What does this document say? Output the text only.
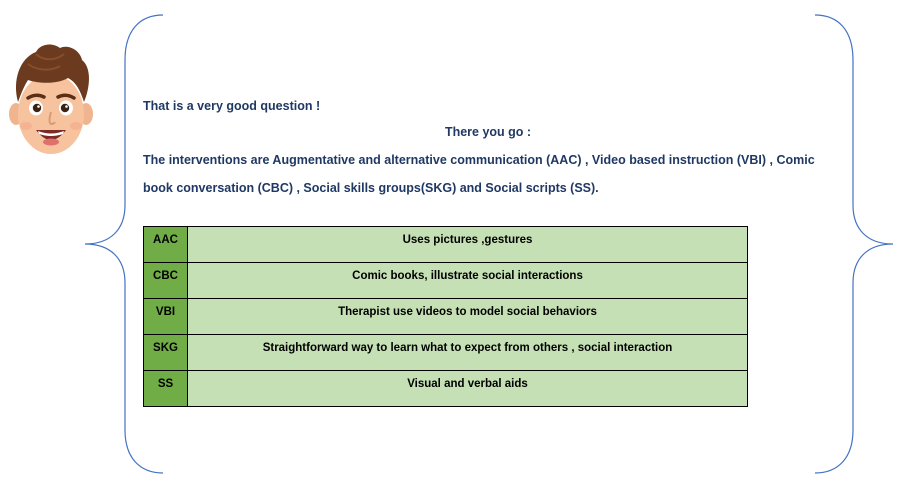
That is a very good question !
There you go :
The interventions are Augmentative and alternative communication (AAC) , Video based instruction (VBI) , Comic book conversation (CBC) , Social skills groups(SKG) and Social scripts (SS).
AAC	Uses pictures ,gestures
CBC	Comic books, illustrate social interactions
VBI	Therapist use videos to model social behaviors
SKG	Straightforward way to learn what to expect from others , social interaction
SS	Visual and verbal aids
